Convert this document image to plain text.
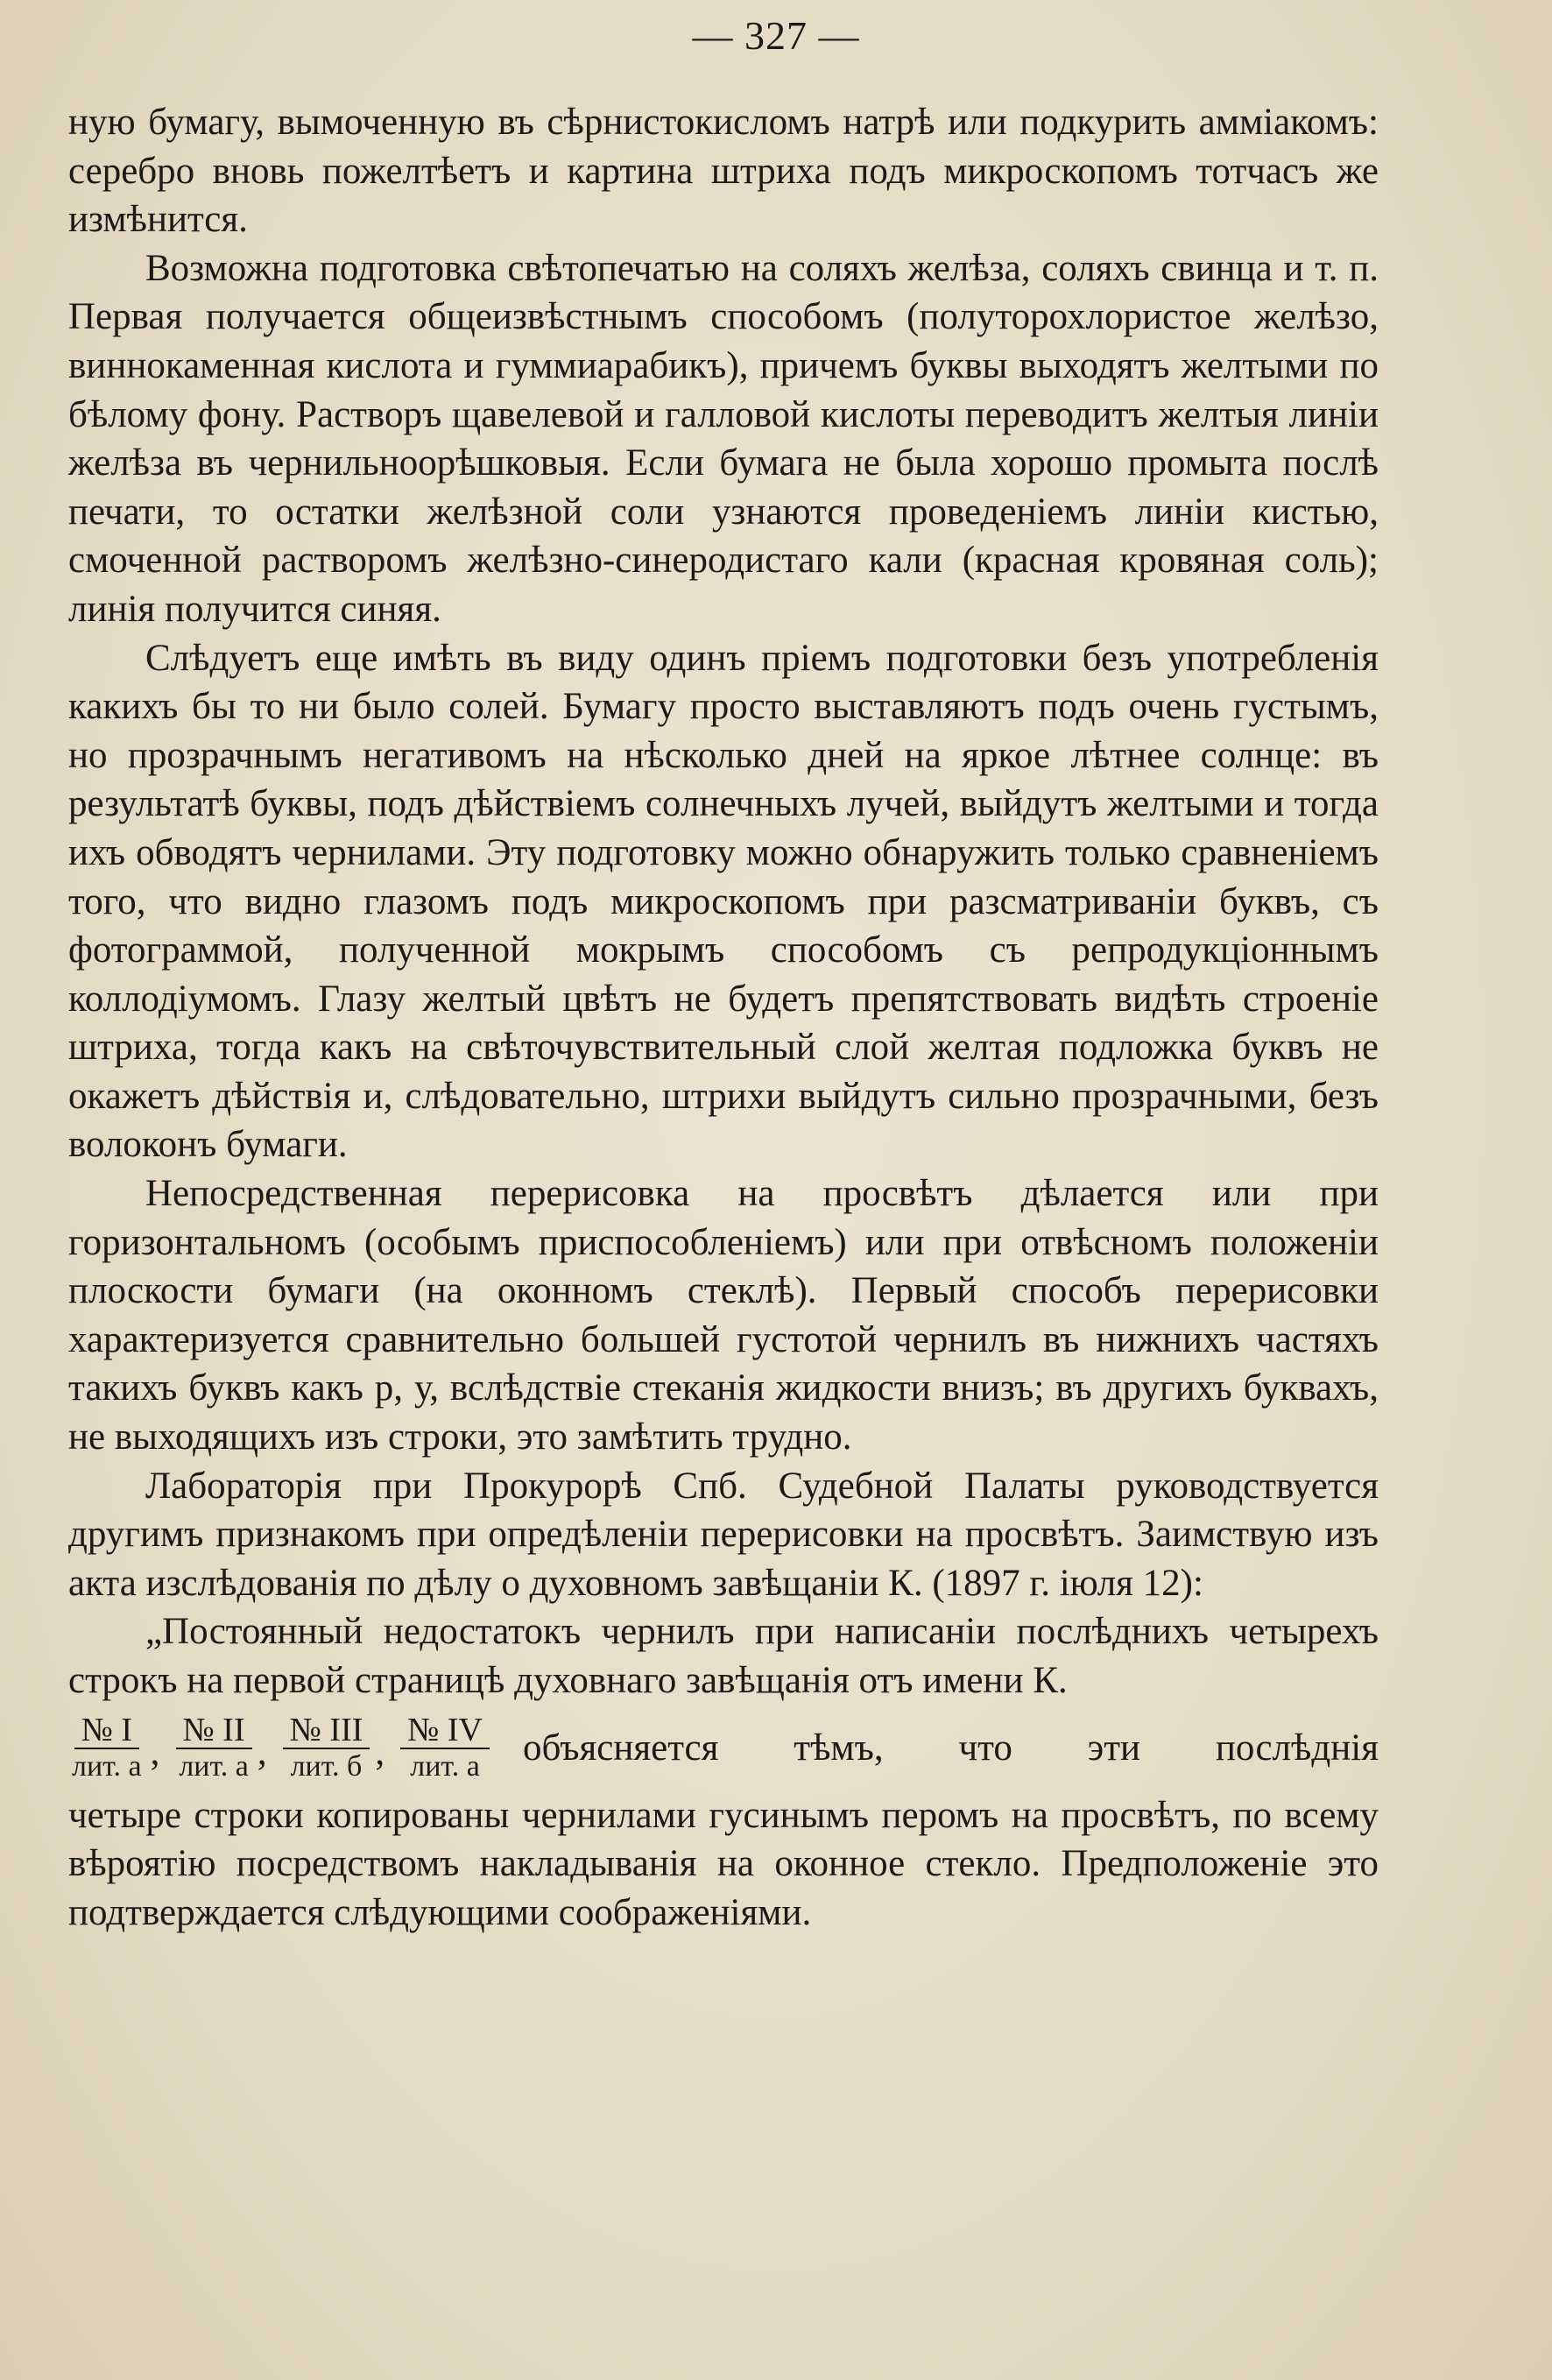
— 327 —

ную бумагу, вымоченную въ сѣрнистокисломъ натрѣ или подкурить амміакомъ: серебро вновь пожелтѣетъ и картина штриха подъ микроскопомъ тотчасъ же измѣнится.

Возможна подготовка свѣтопечатью на соляхъ желѣза, соляхъ свинца и т. п. Первая получается общеизвѣстнымъ способомъ (полуторохлористое желѣзо, виннокаменная кислота и гуммиарабикъ), причемъ буквы выходятъ желтыми по бѣлому фону. Растворъ щавелевой и галловой кислоты переводитъ желтыя линіи желѣза въ чернильноорѣшковыя. Если бумага не была хорошо промыта послѣ печати, то остатки желѣзной соли узнаются проведеніемъ линіи кистью, смоченной растворомъ желѣзно-синеродистаго кали (красная кровяная соль); линія получится синяя.

Слѣдуетъ еще имѣть въ виду одинъ пріемъ подготовки безъ употребленія какихъ бы то ни было солей. Бумагу просто выставляютъ подъ очень густымъ, но прозрачнымъ негативомъ на нѣсколько дней на яркое лѣтнее солнце: въ результатѣ буквы, подъ дѣйствіемъ солнечныхъ лучей, выйдутъ желтыми и тогда ихъ обводятъ чернилами. Эту подготовку можно обнаружить только сравненіемъ того, что видно глазомъ подъ микроскопомъ при разсматриваніи буквъ, съ фотограммой, полученной мокрымъ способомъ съ репродукціоннымъ коллодіумомъ. Глазу желтый цвѣтъ не будетъ препятствовать видѣть строеніе штриха, тогда какъ на свѣточувствительный слой желтая подложка буквъ не окажетъ дѣйствія и, слѣдовательно, штрихи выйдутъ сильно прозрачными, безъ волоконъ бумаги.

Непосредственная перерисовка на просвѣтъ дѣлается или при горизонтальномъ (особымъ приспособленіемъ) или при отвѣсномъ положеніи плоскости бумаги (на оконномъ стеклѣ). Первый способъ перерисовки характеризуется сравнительно большей густотой чернилъ въ нижнихъ частяхъ такихъ буквъ какъ р, у, вслѣдствіе стеканія жидкости внизъ; въ другихъ буквахъ, не выходящихъ изъ строки, это замѣтить трудно.

Лабораторія при Прокурорѣ Спб. Судебной Палаты руководствуется другимъ признакомъ при опредѣленіи перерисовки на просвѣтъ. Заимствую изъ акта изслѣдованія по дѣлу о духовномъ завѣщаніи К. (1897 г. іюля 12):

„Постоянный недостатокъ чернилъ при написаніи послѣднихъ четырехъ строкъ на первой страницѣ духовнаго завѣщанія отъ имени К.

$\frac{№ I}{\text{лит. а}}$ , $\frac{№ II}{\text{лит. а}}$ , $\frac{\text{№ III}}{\text{лит. б}}$ , $\frac{№ IV}{\text{лит. а}}$ объясняется тѣмъ, что эти послѣднія

четыре строки копированы чернилами гусинымъ перомъ на просвѣтъ, по всему вѣроятію посредствомъ накладыванія на оконное стекло. Предположеніе это подтверждается слѣдующими соображеніями.
